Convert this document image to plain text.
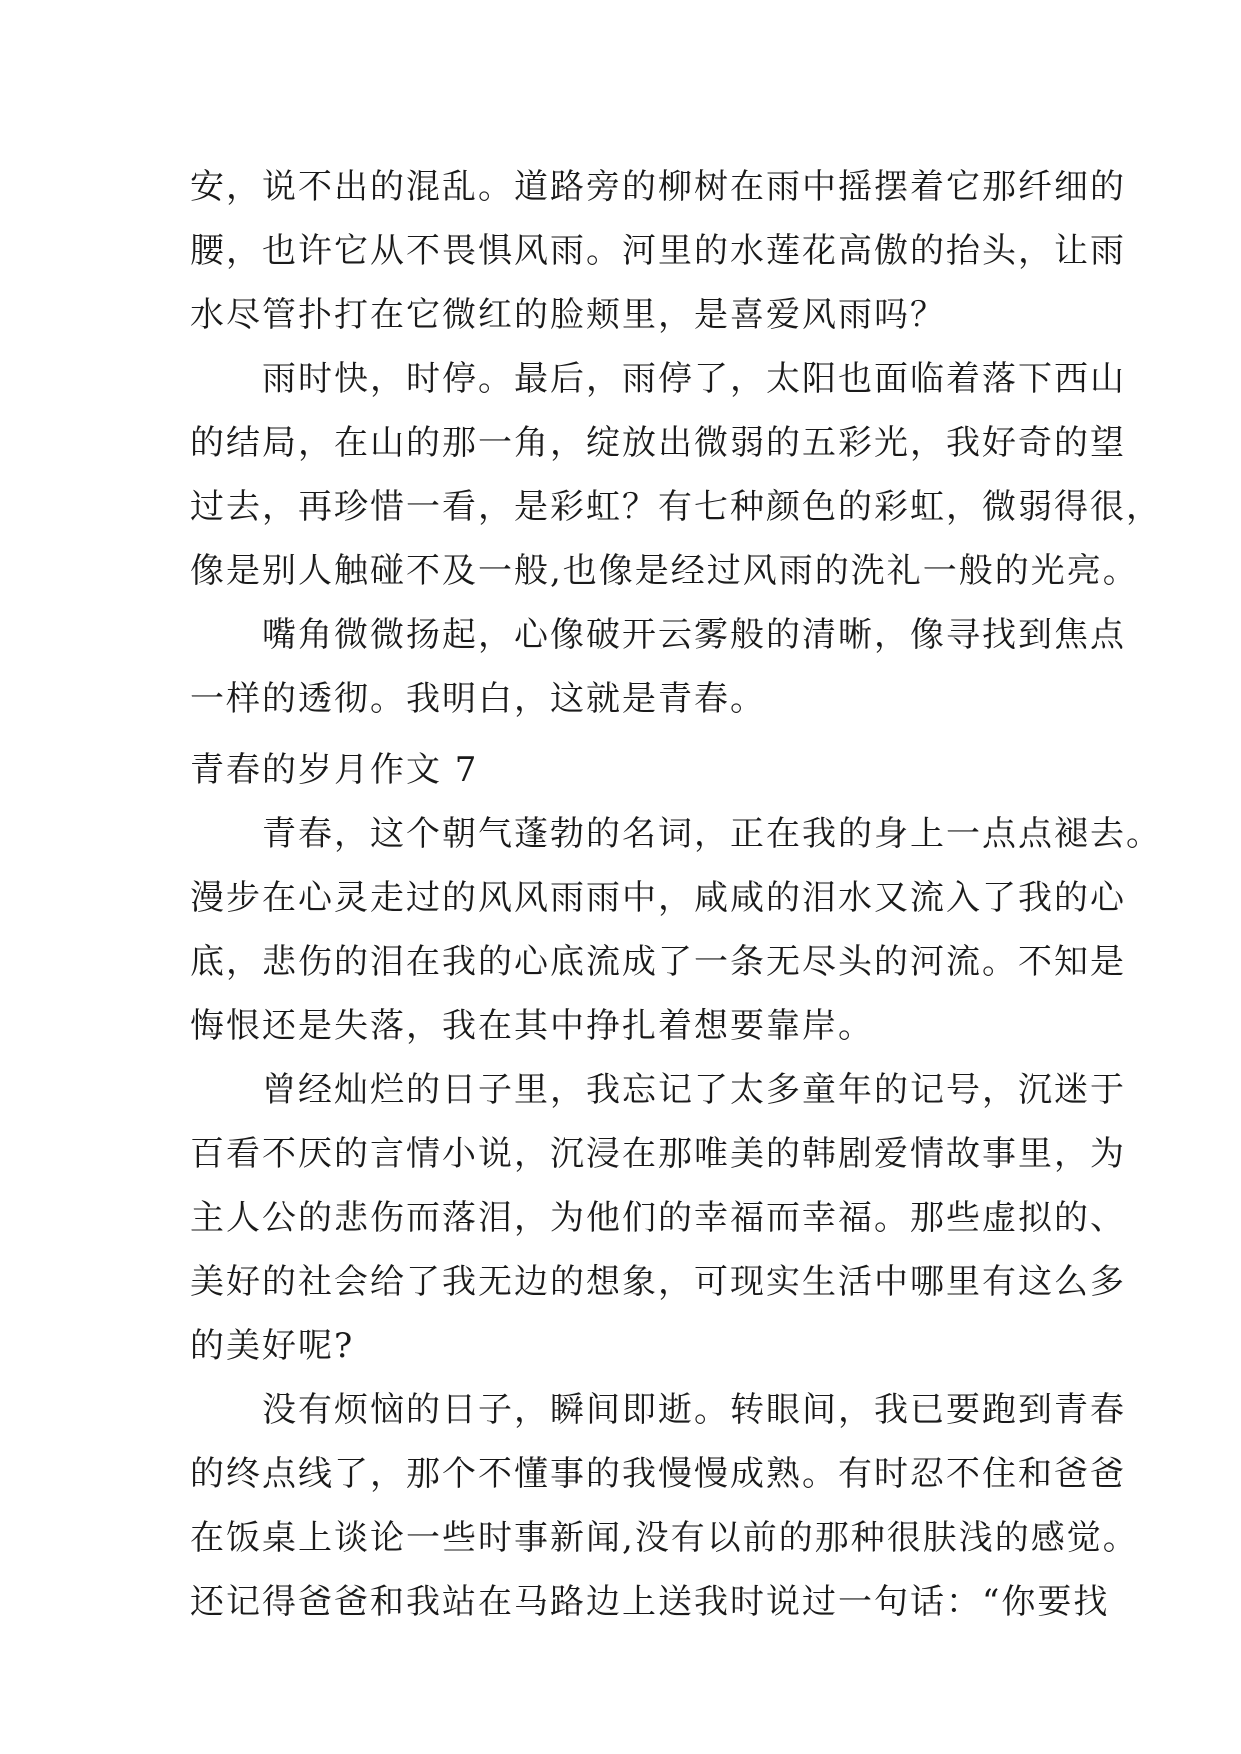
安，说不出的混乱。道路旁的柳树在雨中摇摆着它那纤细的
腰，也许它从不畏惧风雨。河里的水莲花高傲的抬头，让雨
水尽管扑打在它微红的脸颊里，是喜爱风雨吗？
　　雨时快，时停。最后，雨停了，太阳也面临着落下西山
的结局，在山的那一角，绽放出微弱的五彩光，我好奇的望
过去，再珍惜一看，是彩虹？有七种颜色的彩虹，微弱得很，
像是别人触碰不及一般,也像是经过风雨的洗礼一般的光亮。
　　嘴角微微扬起，心像破开云雾般的清晰，像寻找到焦点
一样的透彻。我明白，这就是青春。
青春的岁月作文 7
　　青春，这个朝气蓬勃的名词，正在我的身上一点点褪去。
漫步在心灵走过的风风雨雨中，咸咸的泪水又流入了我的心
底，悲伤的泪在我的心底流成了一条无尽头的河流。不知是
悔恨还是失落，我在其中挣扎着想要靠岸。
　　曾经灿烂的日子里，我忘记了太多童年的记号，沉迷于
百看不厌的言情小说，沉浸在那唯美的韩剧爱情故事里，为
主人公的悲伤而落泪，为他们的幸福而幸福。那些虚拟的、
美好的社会给了我无边的想象，可现实生活中哪里有这么多
的美好呢?
　　没有烦恼的日子，瞬间即逝。转眼间，我已要跑到青春
的终点线了，那个不懂事的我慢慢成熟。有时忍不住和爸爸
在饭桌上谈论一些时事新闻,没有以前的那种很肤浅的感觉。
还记得爸爸和我站在马路边上送我时说过一句话：“你要找
